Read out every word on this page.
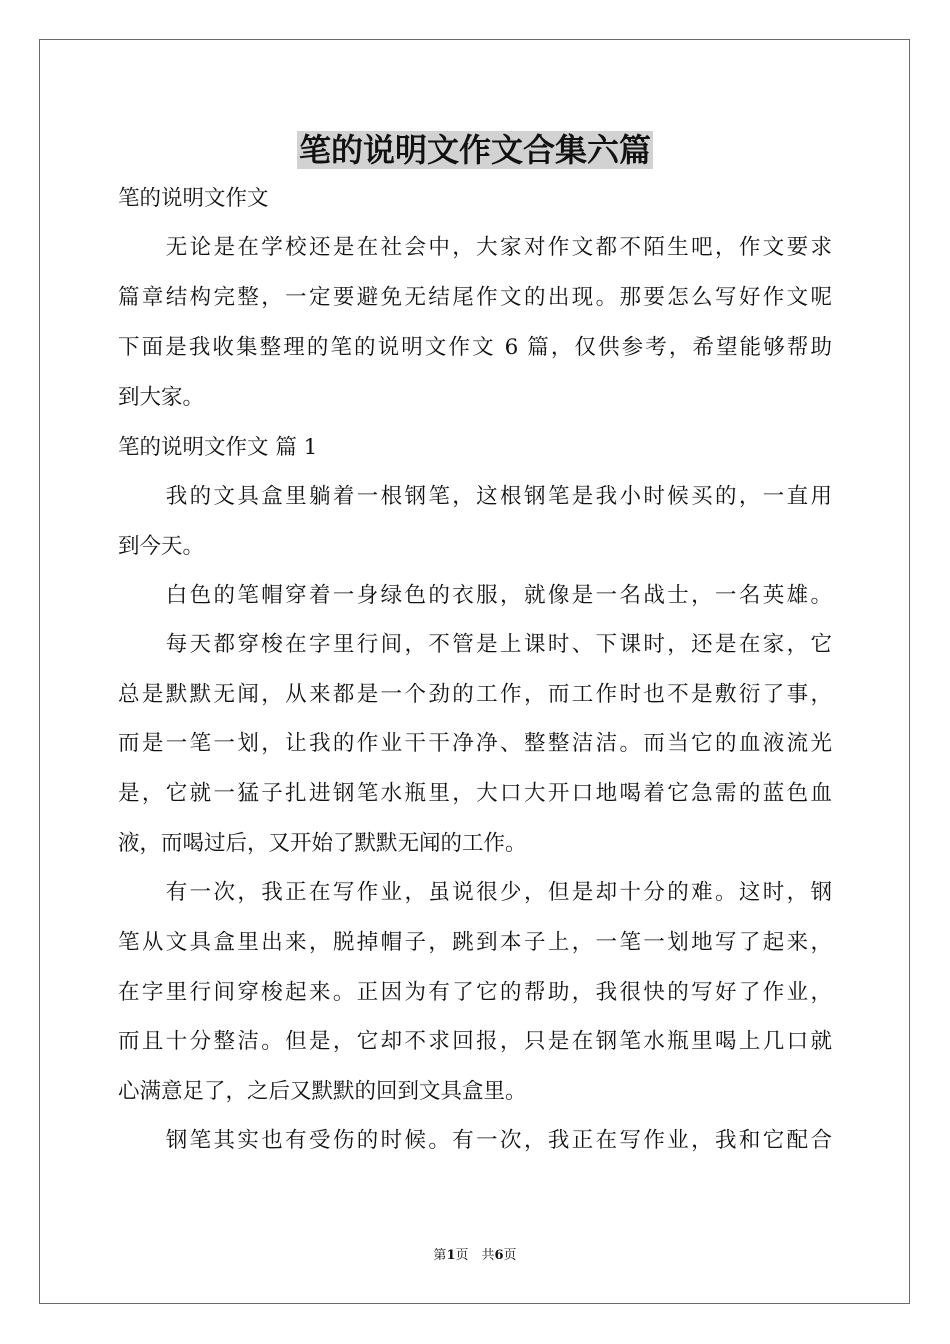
笔的说明文作文合集六篇
笔的说明文作文
　　无论是在学校还是在社会中，大家对作文都不陌生吧，作文要求
篇章结构完整，一定要避免无结尾作文的出现。那要怎么写好作文呢
下面是我收集整理的笔的说明文作文 6 篇，仅供参考，希望能够帮助
到大家。
笔的说明文作文 篇 1
　　我的文具盒里躺着一根钢笔，这根钢笔是我小时候买的，一直用
到今天。
　　白色的笔帽穿着一身绿色的衣服，就像是一名战士，一名英雄。
　　每天都穿梭在字里行间，不管是上课时、下课时，还是在家，它
总是默默无闻，从来都是一个劲的工作，而工作时也不是敷衍了事，
而是一笔一划，让我的作业干干净净、整整洁洁。而当它的血液流光
是，它就一猛子扎进钢笔水瓶里，大口大开口地喝着它急需的蓝色血
液，而喝过后，又开始了默默无闻的工作。
　　有一次，我正在写作业，虽说很少，但是却十分的难。这时，钢
笔从文具盒里出来，脱掉帽子，跳到本子上，一笔一划地写了起来，
在字里行间穿梭起来。正因为有了它的帮助，我很快的写好了作业，
而且十分整洁。但是，它却不求回报，只是在钢笔水瓶里喝上几口就
心满意足了，之后又默默的回到文具盒里。
　　钢笔其实也有受伤的时候。有一次，我正在写作业，我和它配合
第1页　共6页
